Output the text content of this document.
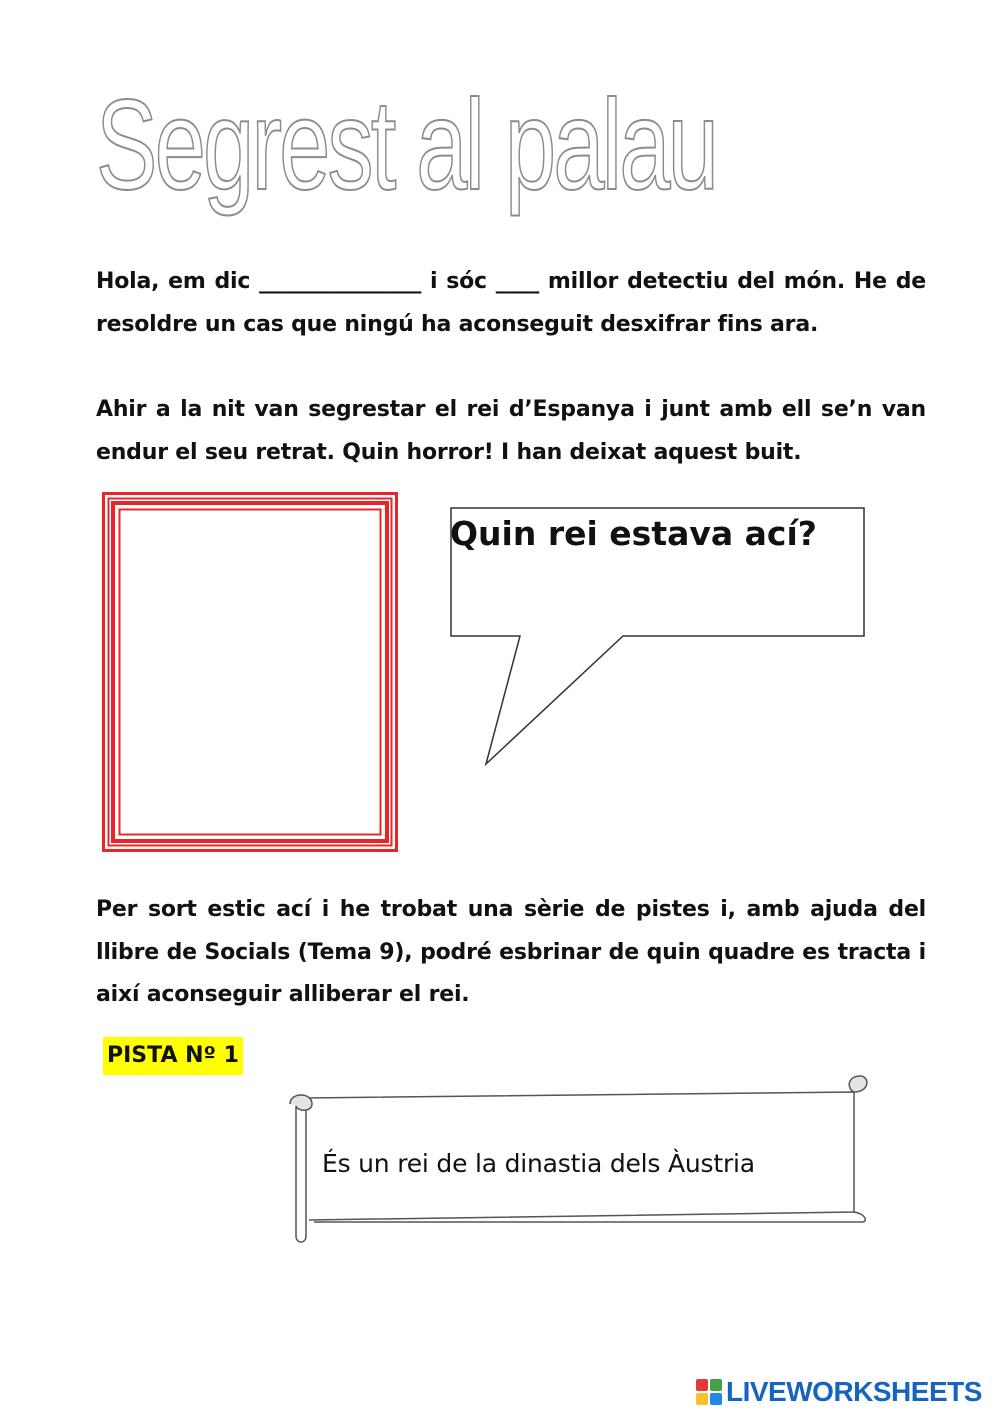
Segrest al palau

Hola, em dic _______________ i sóc ____ millor detectiu del món. He de resoldre un cas que ningú ha aconseguit desxifrar fins ara.

Ahir a la nit van segrestar el rei d’Espanya i junt amb ell se’n van endur el seu retrat. Quin horror! I han deixat aquest buit.

Quin rei estava ací?

Per sort estic ací i he trobat una sèrie de pistes i, amb ajuda del llibre de Socials (Tema 9), podré esbrinar de quin quadre es tracta i així aconseguir alliberar el rei.

PISTA Nº 1

És un rei de la dinastia dels Àustria

LIVEWORKSHEETS
